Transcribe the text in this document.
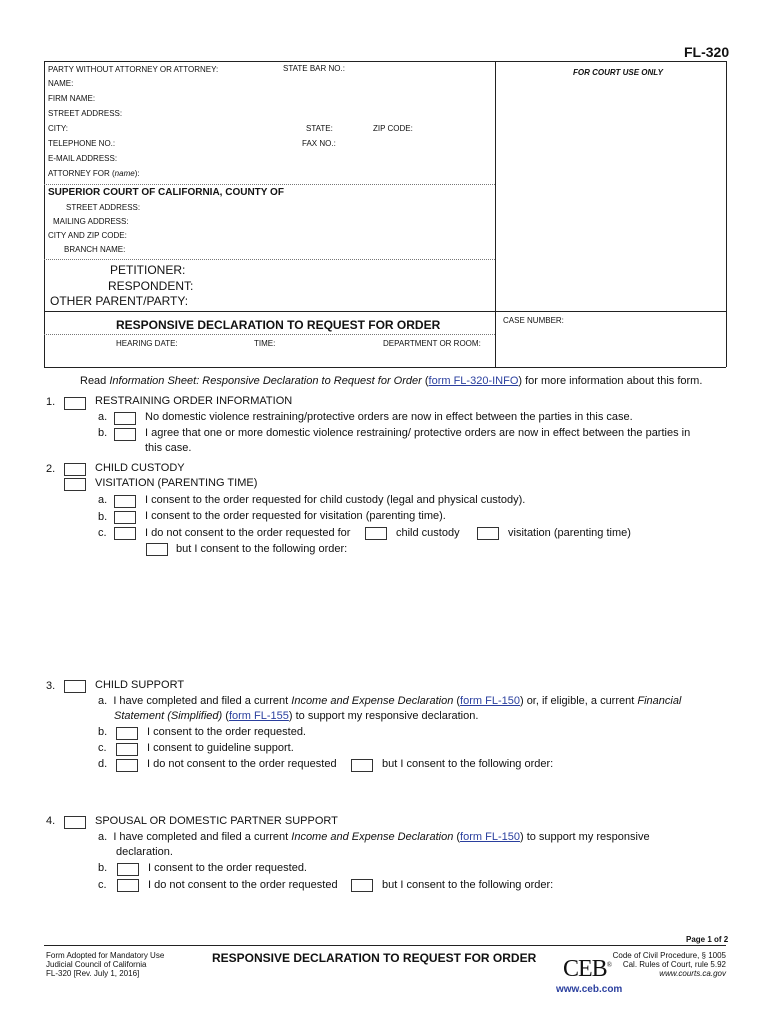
FL-320
PARTY WITHOUT ATTORNEY OR ATTORNEY:	STATE BAR NO.:	FOR COURT USE ONLY
NAME:
FIRM NAME:
STREET ADDRESS:
CITY:	STATE:	ZIP CODE:
TELEPHONE NO.:	FAX NO.:
E-MAIL ADDRESS:
ATTORNEY FOR (name):
SUPERIOR COURT OF CALIFORNIA, COUNTY OF
STREET ADDRESS:
MAILING ADDRESS:
CITY AND ZIP CODE:
BRANCH NAME:
PETITIONER:
RESPONDENT:
OTHER PARENT/PARTY:
RESPONSIVE DECLARATION TO REQUEST FOR ORDER	CASE NUMBER:
HEARING DATE:	TIME:	DEPARTMENT OR ROOM:
Read Information Sheet: Responsive Declaration to Request for Order (form FL-320-INFO) for more information about this form.
1.	RESTRAINING ORDER INFORMATION
a.	No domestic violence restraining/protective orders are now in effect between the parties in this case.
b.	I agree that one or more domestic violence restraining/ protective orders are now in effect between the parties in
this case.
2.	CHILD CUSTODY
VISITATION (PARENTING TIME)
a.	I consent to the order requested for child custody (legal and physical custody).
b.	I consent to the order requested for visitation (parenting time).
c.	I do not consent to the order requested for	child custody	visitation (parenting time)
but I consent to the following order:
3.	CHILD SUPPORT
a. I have completed and filed a current Income and Expense Declaration (form FL-150) or, if eligible, a current Financial
Statement (Simplified) (form FL-155) to support my responsive declaration.
b.	I consent to the order requested.
c.	I consent to guideline support.
d.	I do not consent to the order requested	but I consent to the following order:
4.	SPOUSAL OR DOMESTIC PARTNER SUPPORT
a. I have completed and filed a current Income and Expense Declaration (form FL-150) to support my responsive
declaration.
b.	I consent to the order requested.
c.	I do not consent to the order requested	but I consent to the following order:
Page 1 of 2
Form Adopted for Mandatory Use
Judicial Council of California
FL-320 [Rev. July 1, 2016]
RESPONSIVE DECLARATION TO REQUEST FOR ORDER CEB®
www.ceb.com
Code of Civil Procedure, § 1005
Cal. Rules of Court, rule 5.92
www.courts.ca.gov
